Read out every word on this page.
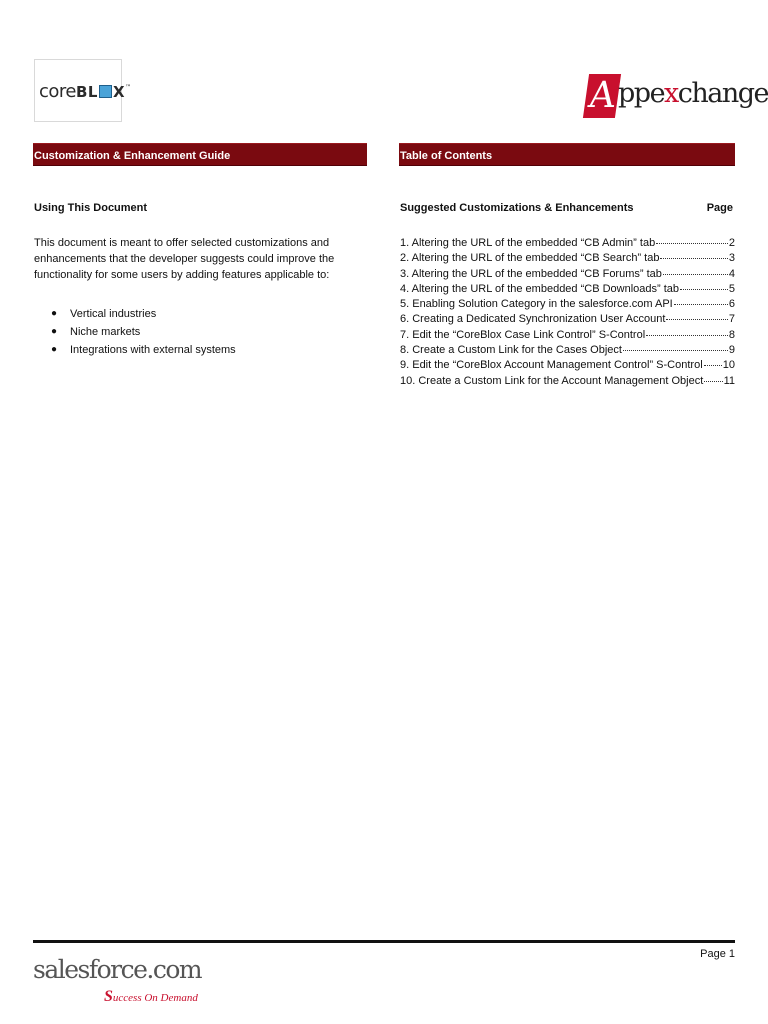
coreBL X™	A ppexchange
Customization & Enhancement Guide	Table of Contents
Using This Document
This document is meant to offer selected customizations and enhancements that the developer suggests could improve the functionality for some users by adding features applicable to:
● Vertical industries
● Niche markets
● Integrations with external systems
Suggested Customizations & Enhancements	Page
1. Altering the URL of the embedded “CB Admin” tab	2
2. Altering the URL of the embedded “CB Search” tab	3
3. Altering the URL of the embedded “CB Forums” tab	4
4. Altering the URL of the embedded “CB Downloads” tab	5
5. Enabling Solution Category in the salesforce.com API	6
6. Creating a Dedicated Synchronization User Account	7
7. Edit the “CoreBlox Case Link Control” S-Control	8
8. Create a Custom Link for the Cases Object	9
9. Edit the “CoreBlox Account Management Control” S-Control 10
10. Create a Custom Link for the Account Management Object 11
Page 1
salesforce.com
Success On Demand
